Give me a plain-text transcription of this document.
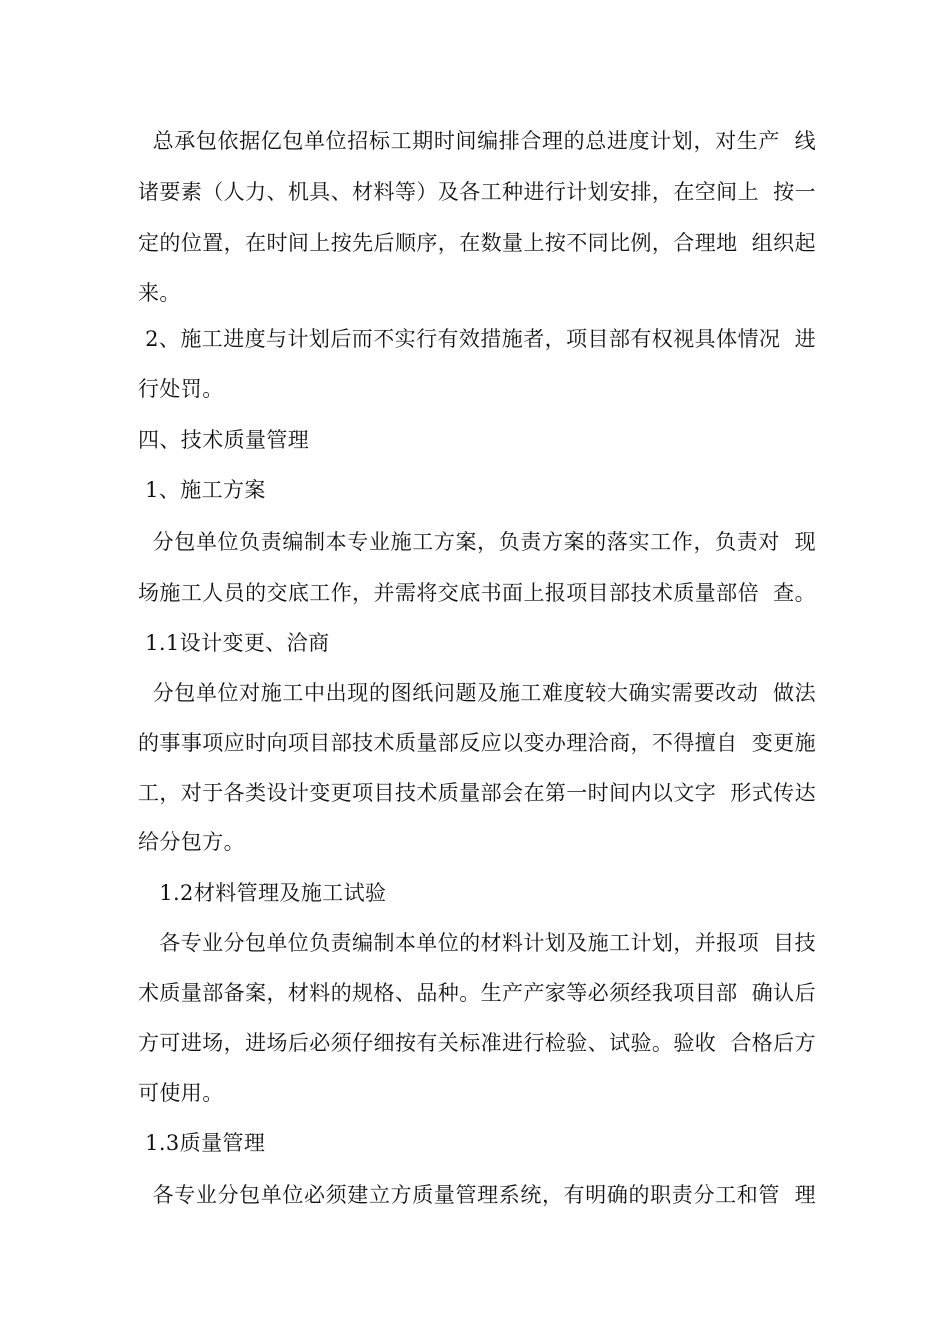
总承包依据亿包单位招标工期时间编排合理的总进度计划，对生产  线
诸要素（人力、机具、材料等）及各工种进行计划安排，在空间上  按一
定的位置，在时间上按先后顺序，在数量上按不同比例，合理地  组织起
来。
2、施工进度与计划后而不实行有效措施者，项目部有权视具体情况  进
行处罚。
四、技术质量管理
1、施工方案
分包单位负责编制本专业施工方案，负责方案的落实工作，负责对  现
场施工人员的交底工作，并需将交底书面上报项目部技术质量部倍  查。
1.1设计变更、洽商
分包单位对施工中出现的图纸问题及施工难度较大确实需要改动  做法
的事事项应时向项目部技术质量部反应以变办理洽商，不得擅自  变更施
工，对于各类设计变更项目技术质量部会在第一时间内以文字  形式传达
给分包方。
1.2材料管理及施工试验
各专业分包单位负责编制本单位的材料计划及施工计划，并报项  目技
术质量部备案，材料的规格、品种。生产产家等必须经我项目部  确认后
方可进场，进场后必须仔细按有关标准进行检验、试验。验收  合格后方
可使用。
1.3质量管理
各专业分包单位必须建立方质量管理系统，有明确的职责分工和管  理
